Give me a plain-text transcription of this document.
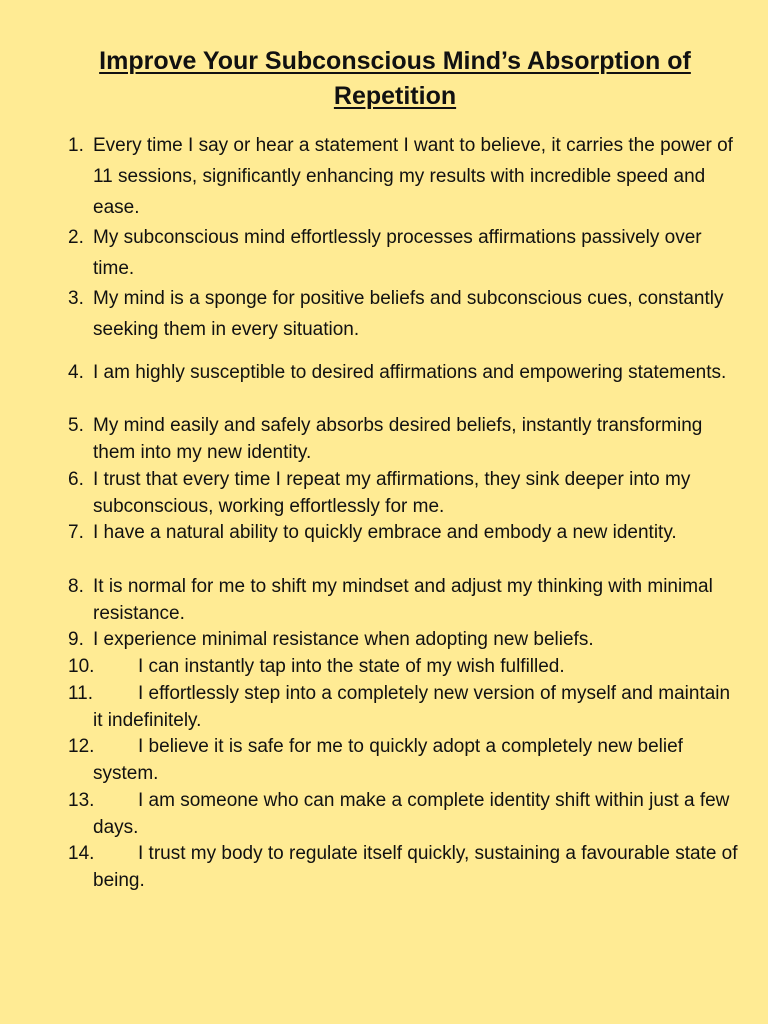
Improve Your Subconscious Mind’s Absorption of Repetition
1. Every time I say or hear a statement I want to believe, it carries the power of 11 sessions, significantly enhancing my results with incredible speed and ease.
2. My subconscious mind effortlessly processes affirmations passively over time.
3. My mind is a sponge for positive beliefs and subconscious cues, constantly seeking them in every situation.
4. I am highly susceptible to desired affirmations and empowering statements.
5. My mind easily and safely absorbs desired beliefs, instantly transforming them into my new identity.
6. I trust that every time I repeat my affirmations, they sink deeper into my subconscious, working effortlessly for me.
7. I have a natural ability to quickly embrace and embody a new identity.
8. It is normal for me to shift my mindset and adjust my thinking with minimal resistance.
9. I experience minimal resistance when adopting new beliefs.
10.	I can instantly tap into the state of my wish fulfilled.
11.	I effortlessly step into a completely new version of myself and maintain it indefinitely.
12.	I believe it is safe for me to quickly adopt a completely new belief system.
13.	I am someone who can make a complete identity shift within just a few days.
14.	I trust my body to regulate itself quickly, sustaining a favourable state of being.
